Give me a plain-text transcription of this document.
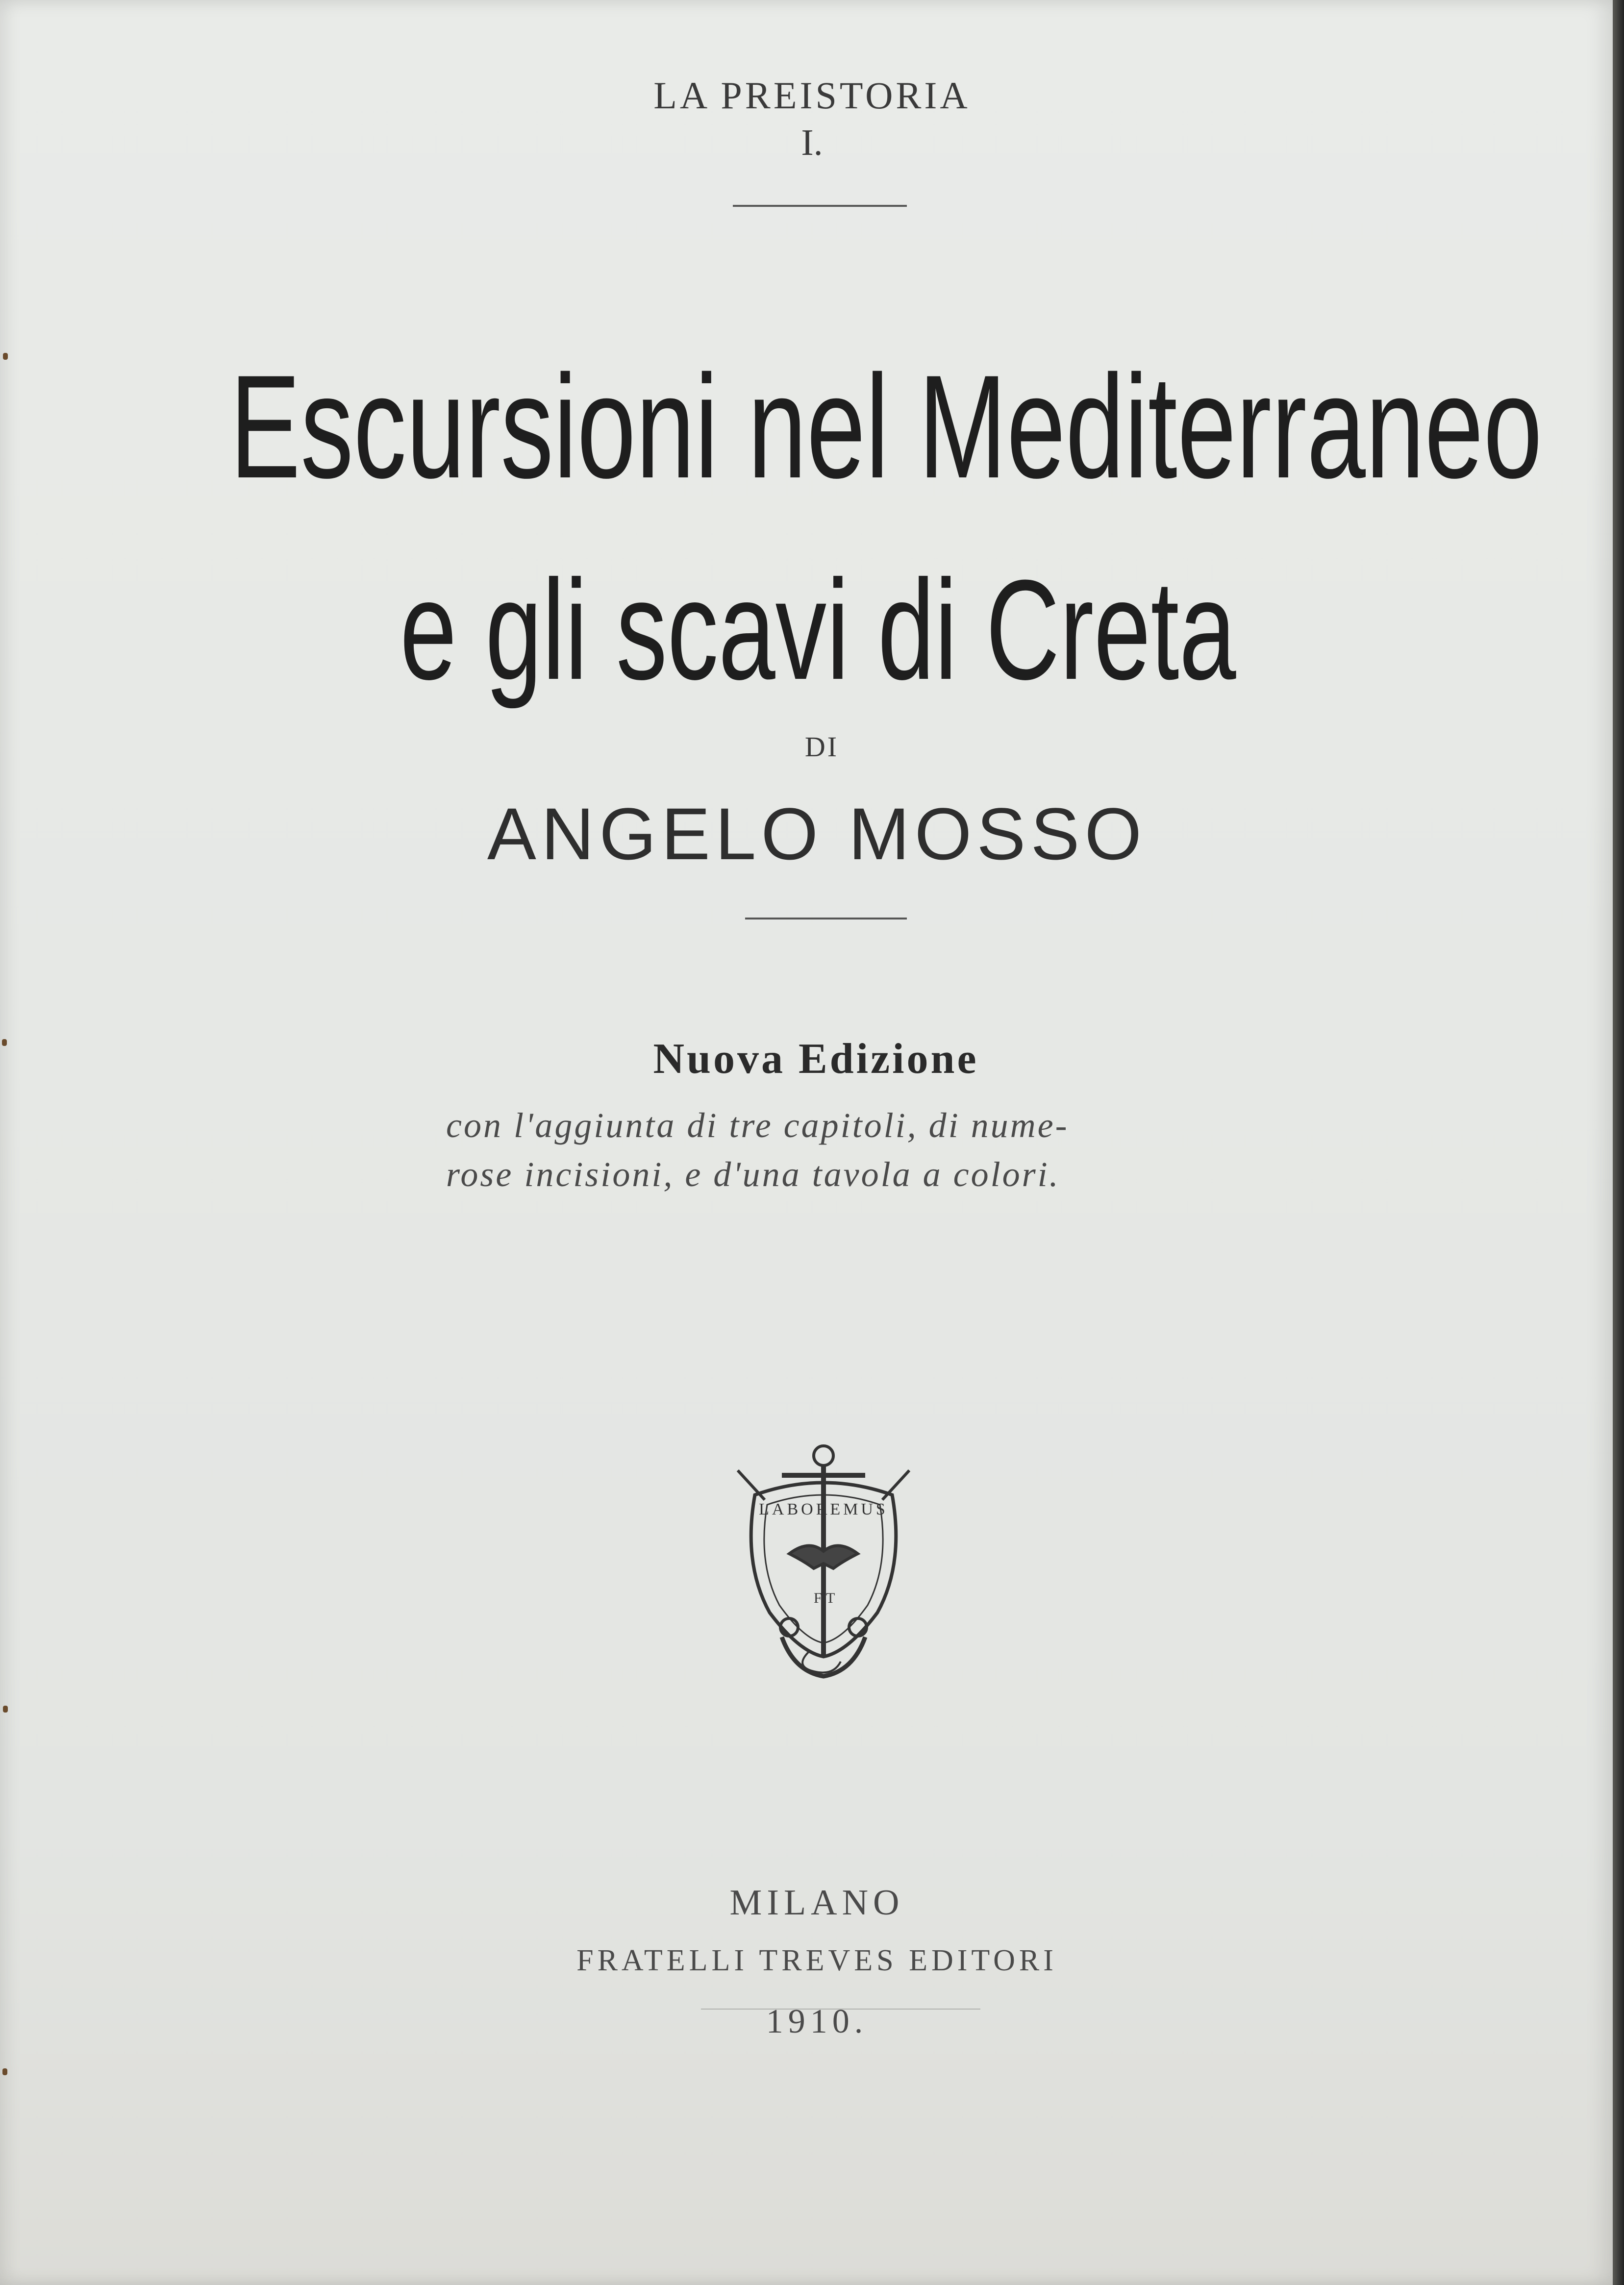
LA PREISTORIA
I.
Escursioni nel Mediterraneo
e gli scavi di Creta
DI
ANGELO MOSSO
Nuova Edizione
con l'aggiunta di tre capitoli, di nume-
rose incisioni, e d'una tavola a colori.
LABOREMUS
F T
MILANO
FRATELLI TREVES EDITORI
1910.
